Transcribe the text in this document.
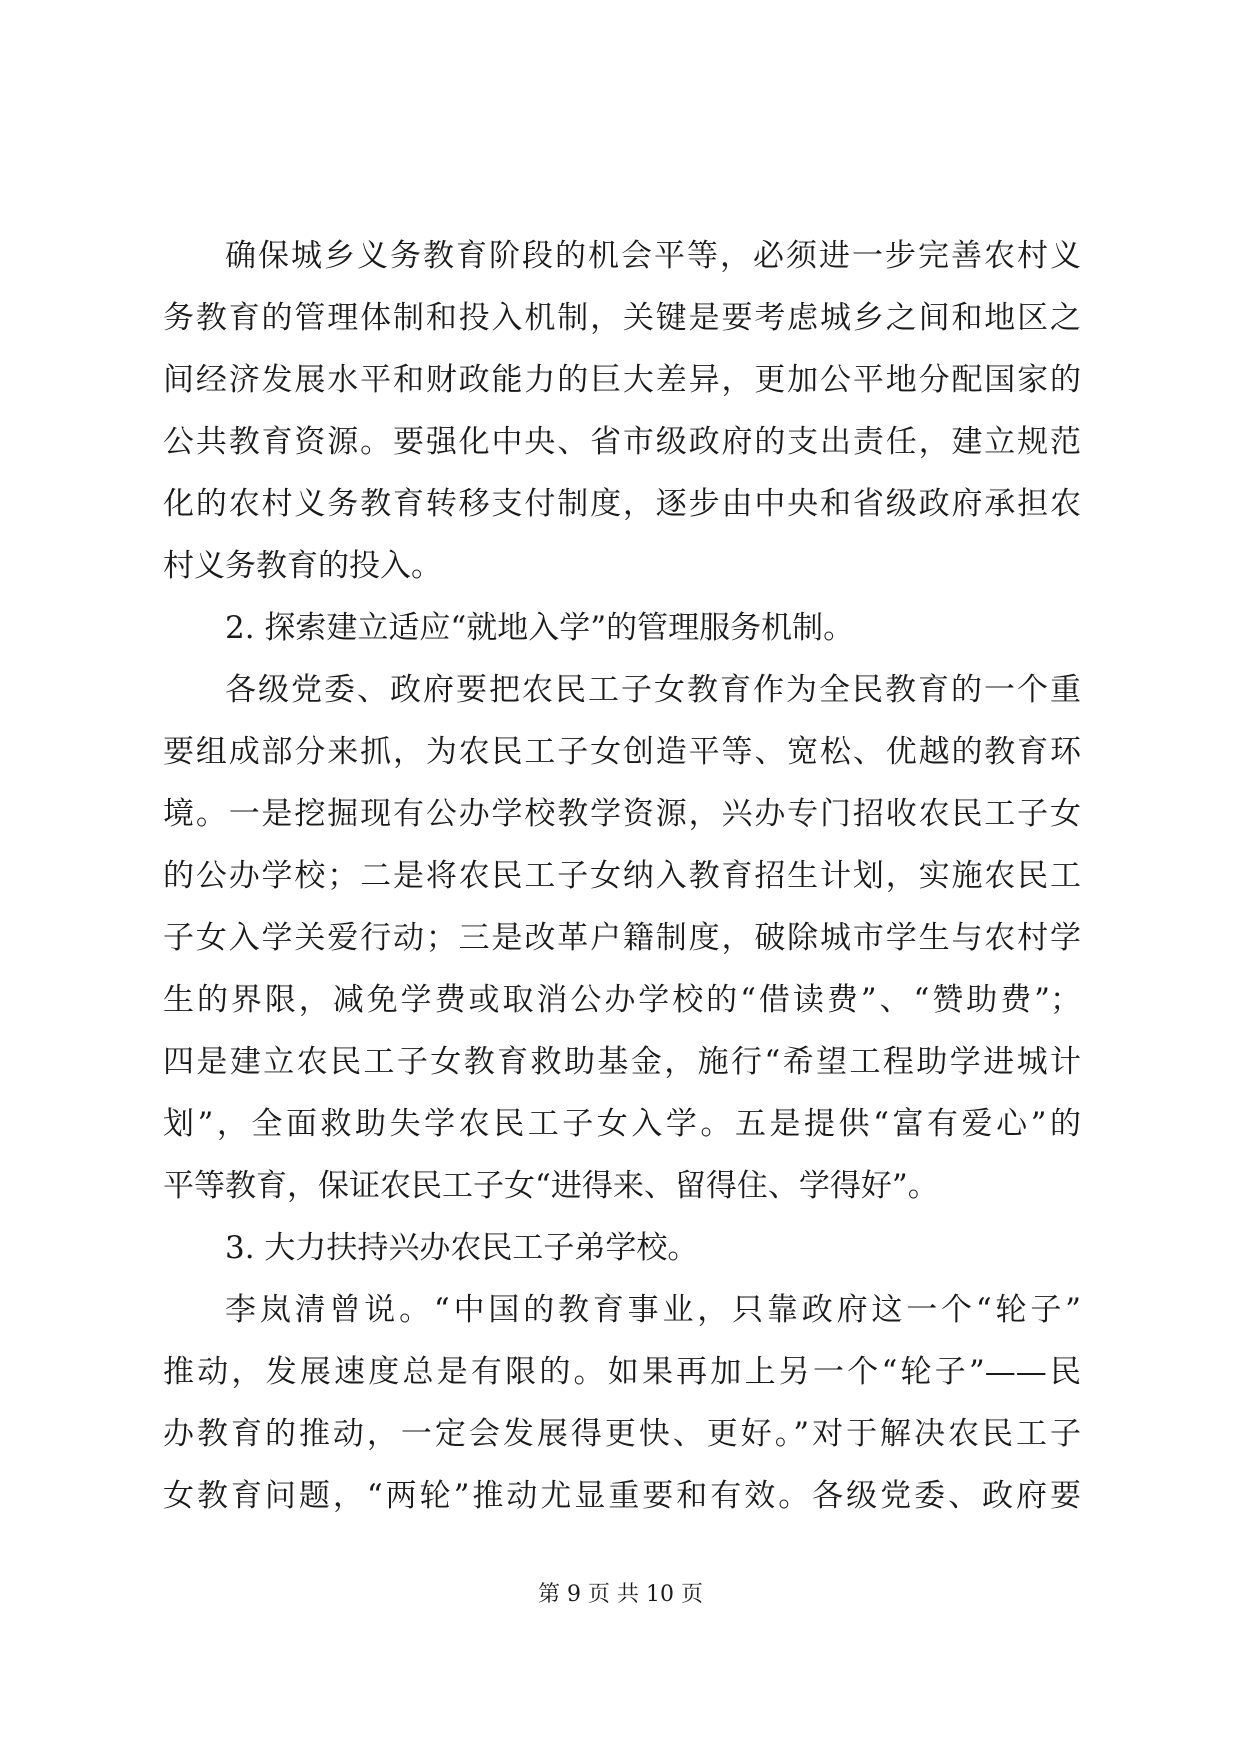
确保城乡义务教育阶段的机会平等，必须进一步完善农村义
务教育的管理体制和投入机制，关键是要考虑城乡之间和地区之
间经济发展水平和财政能力的巨大差异，更加公平地分配国家的
公共教育资源。要强化中央、省市级政府的支出责任，建立规范
化的农村义务教育转移支付制度，逐步由中央和省级政府承担农
村义务教育的投入。
2. 探索建立适应“就地入学”的管理服务机制。
各级党委、政府要把农民工子女教育作为全民教育的一个重
要组成部分来抓，为农民工子女创造平等、宽松、优越的教育环
境。一是挖掘现有公办学校教学资源，兴办专门招收农民工子女
的公办学校；二是将农民工子女纳入教育招生计划，实施农民工
子女入学关爱行动；三是改革户籍制度，破除城市学生与农村学
生的界限，减免学费或取消公办学校的“借读费”、“赞助费”；
四是建立农民工子女教育救助基金，施行“希望工程助学进城计
划”，全面救助失学农民工子女入学。五是提供“富有爱心”的
平等教育，保证农民工子女“进得来、留得住、学得好”。
3. 大力扶持兴办农民工子弟学校。
李岚清曾说。“中国的教育事业，只靠政府这一个“轮子”
推动，发展速度总是有限的。如果再加上另一个“轮子”——民
办教育的推动，一定会发展得更快、更好。”对于解决农民工子
女教育问题，“两轮”推动尤显重要和有效。各级党委、政府要
第 9 页 共 10 页
